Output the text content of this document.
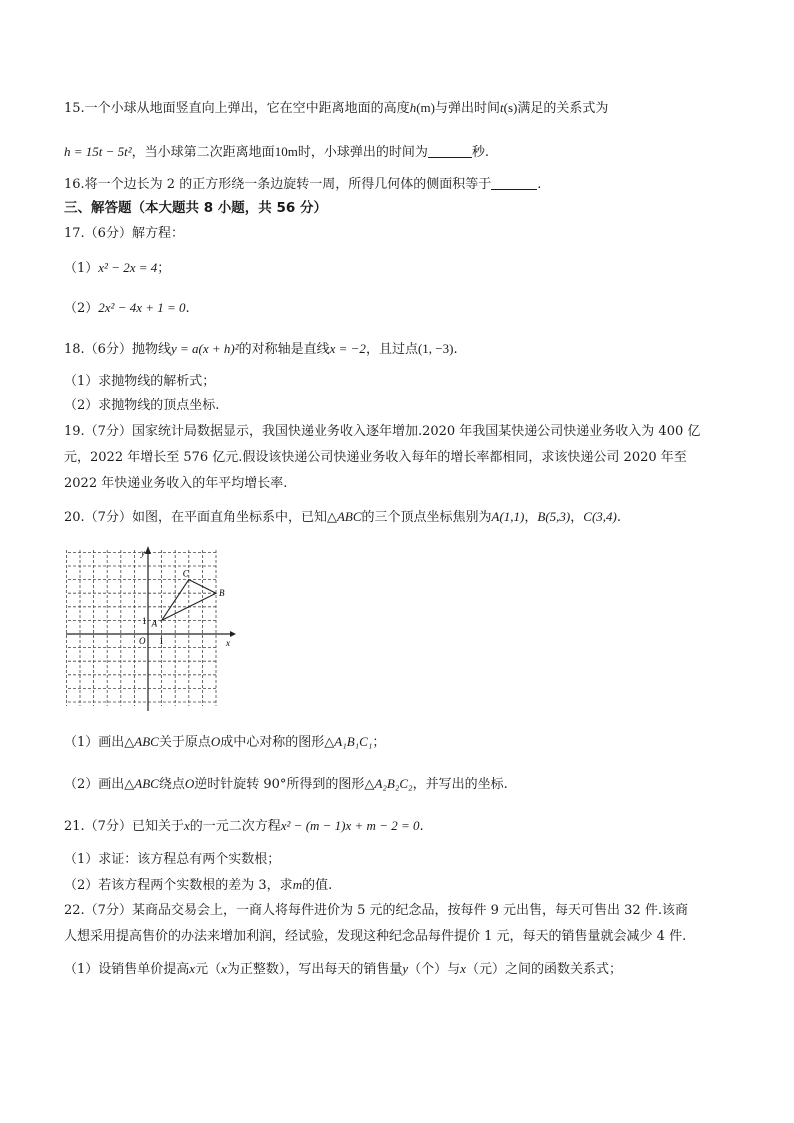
15.一个小球从地面竖直向上弹出，它在空中距离地面的高度h(m)与弹出时间t(s)满足的关系式为
h = 15t − 5t²，当小球第二次距离地面10m时，小球弹出的时间为	秒.
16.将一个边长为 2 的正方形绕一条边旋转一周，所得几何体的侧面积等于	.
三、解答题（本大题共 8 小题，共 56 分）
17.（6分）解方程：
（1）x² − 2x = 4；
（2）2x² − 4x + 1 = 0.
18.（6分）抛物线y = a(x + h)²的对称轴是直线x = −2，且过点(1, −3).
（1）求抛物线的解析式；
（2）求抛物线的顶点坐标.
19.（7分）国家统计局数据显示，我国快递业务收入逐年增加.2020 年我国某快递公司快递业务收入为 400 亿
元，2022 年增长至 576 亿元.假设该快递公司快递业务收入每年的增长率都相同，求该快递公司 2020 年至
2022 年快递业务收入的年平均增长率.
20.（7分）如图，在平面直角坐标系中，已知△ABC的三个顶点坐标焦别为A(1,1)，B(5,3)，C(3,4).
y
x
O 1
1 A
B
C
（1）画出△ABC关于原点O成中心对称的图形△A₁B₁C₁；
（2）画出△ABC绕点O逆时针旋转 90°所得到的图形△A₂B₂C₂，并写出的坐标.
21.（7分）已知关于x的一元二次方程x² − (m − 1)x + m − 2 = 0.
（1）求证：该方程总有两个实数根；
（2）若该方程两个实数根的差为 3，求m的值.
22.（7分）某商品交易会上，一商人将每件进价为 5 元的纪念品，按每件 9 元出售，每天可售出 32 件.该商
人想采用提高售价的办法来增加利润，经试验，发现这种纪念品每件提价 1 元，每天的销售量就会减少 4 件.
（1）设销售单价提高x元（x为正整数），写出每天的销售量y（个）与x（元）之间的函数关系式；
